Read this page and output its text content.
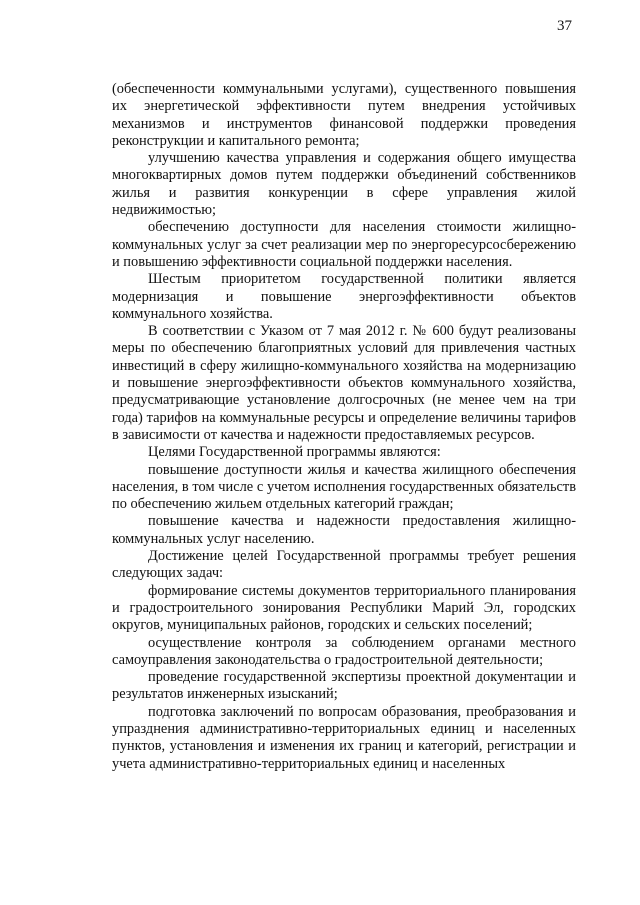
37

(обеспеченности коммунальными услугами), существенного повышения их энергетической эффективности путем внедрения устойчивых механизмов и инструментов финансовой поддержки проведения реконструкции и капитального ремонта;

улучшению качества управления и содержания общего имущества многоквартирных домов путем поддержки объединений собственников жилья и развития конкуренции в сфере управления жилой недвижимостью;

обеспечению доступности для населения стоимости жилищно-коммунальных услуг за счет реализации мер по энергоресурсосбережению и повышению эффективности социальной поддержки населения.

Шестым приоритетом государственной политики является модернизация и повышение энергоэффективности объектов коммунального хозяйства.

В соответствии с Указом от 7 мая 2012 г. № 600 будут реализованы меры по обеспечению благоприятных условий для привлечения частных инвестиций в сферу жилищно-коммунального хозяйства на модернизацию и повышение энергоэффективности объектов коммунального хозяйства, предусматривающие установление долгосрочных (не менее чем на три года) тарифов на коммунальные ресурсы и определение величины тарифов в зависимости от качества и надежности предоставляемых ресурсов.

Целями Государственной программы являются:

повышение доступности жилья и качества жилищного обеспечения населения, в том числе с учетом исполнения государственных обязательств по обеспечению жильем отдельных категорий граждан;

повышение качества и надежности предоставления жилищно-коммунальных услуг населению.

Достижение целей Государственной программы требует решения следующих задач:

формирование системы документов территориального планирования и градостроительного зонирования Республики Марий Эл, городских округов, муниципальных районов, городских и сельских поселений;

осуществление контроля за соблюдением органами местного самоуправления законодательства о градостроительной деятельности;

проведение государственной экспертизы проектной документации и результатов инженерных изысканий;

подготовка заключений по вопросам образования, преобразования и упразднения административно-территориальных единиц и населенных пунктов, установления и изменения их границ и категорий, регистрации и учета административно-территориальных единиц и населенных
